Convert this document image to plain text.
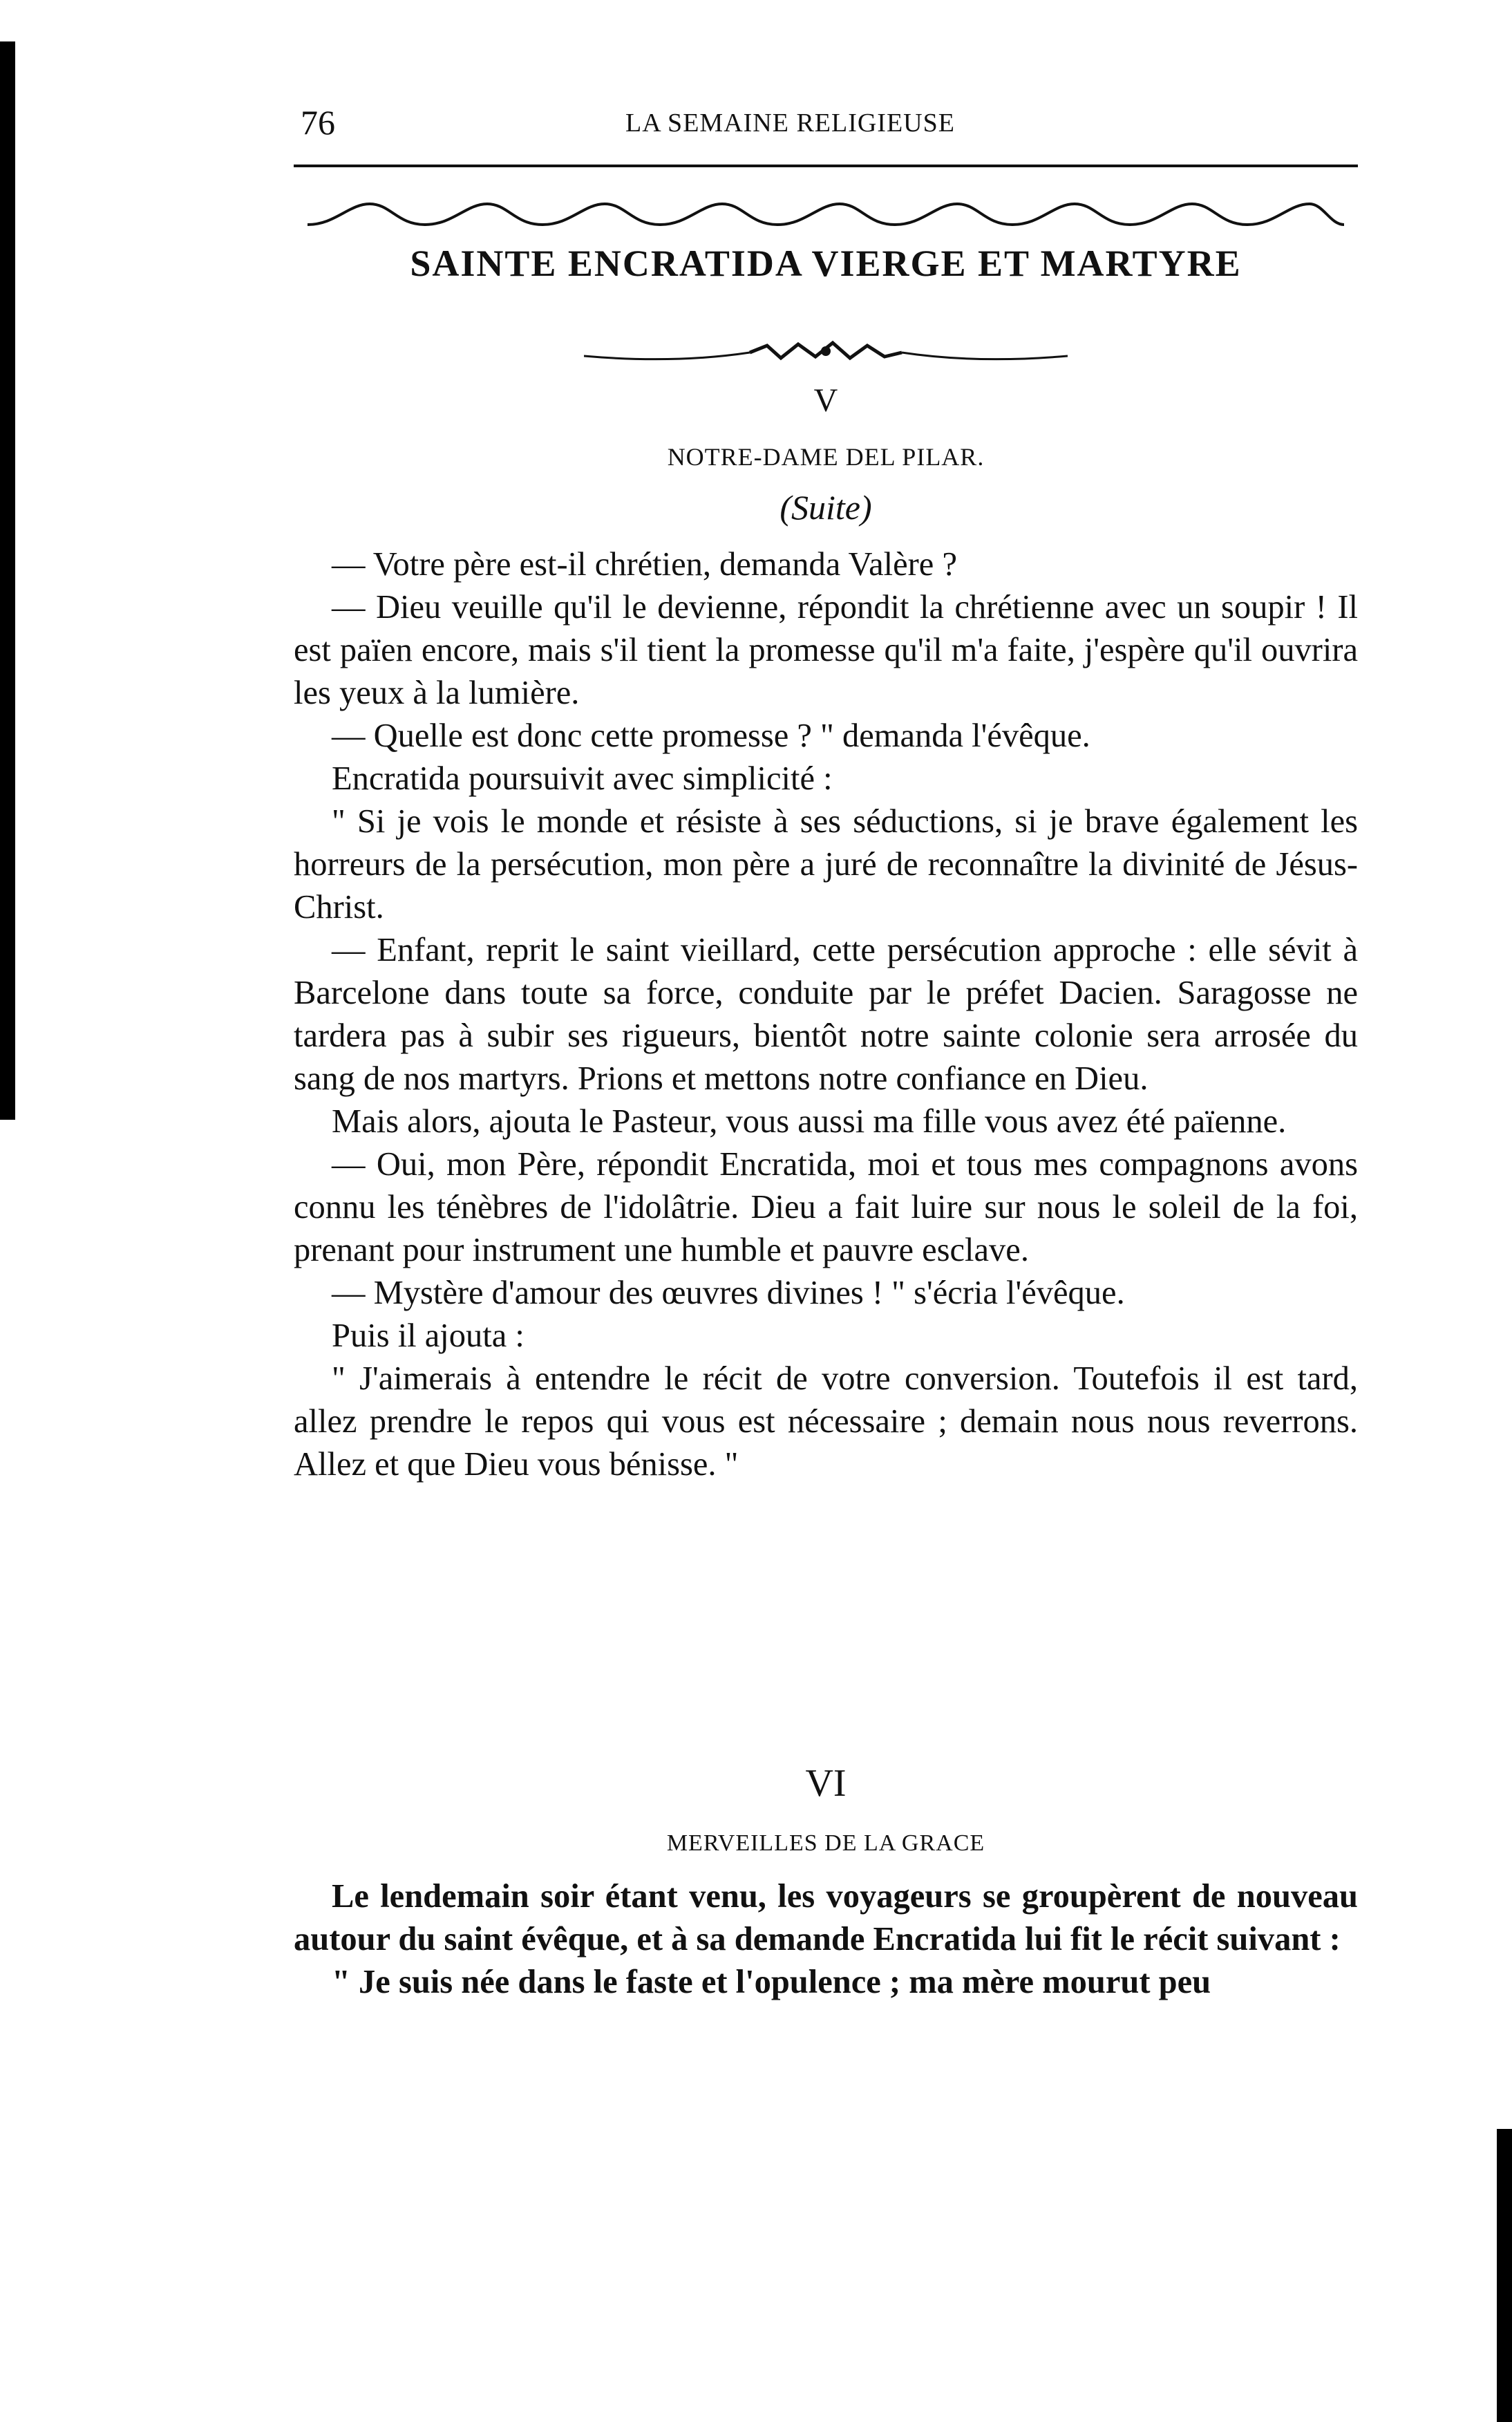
76	LA SEMAINE RELIGIEUSE
SAINTE ENCRATIDA VIERGE ET MARTYRE
V
NOTRE-DAME DEL PILAR.
(Suite)

— Votre père est-il chrétien, demanda Valère ?

— Dieu veuille qu'il le devienne, répondit la chrétienne avec un soupir ! Il est païen encore, mais s'il tient la promesse qu'il m'a faite, j'espère qu'il ouvrira les yeux à la lumière.

— Quelle est donc cette promesse ? " demanda l'évêque.

Encratida poursuivit avec simplicité :

" Si je vois le monde et résiste à ses séductions, si je brave également les horreurs de la persécution, mon père a juré de reconnaître la divinité de Jésus-Christ.

— Enfant, reprit le saint vieillard, cette persécution approche : elle sévit à Barcelone dans toute sa force, conduite par le préfet Dacien. Saragosse ne tardera pas à subir ses rigueurs, bientôt notre sainte colonie sera arrosée du sang de nos martyrs. Prions et mettons notre confiance en Dieu.

Mais alors, ajouta le Pasteur, vous aussi ma fille vous avez été païenne.

— Oui, mon Père, répondit Encratida, moi et tous mes compagnons avons connu les ténèbres de l'idolâtrie. Dieu a fait luire sur nous le soleil de la foi, prenant pour instrument une humble et pauvre esclave.

— Mystère d'amour des œuvres divines ! " s'écria l'évêque.

Puis il ajouta :

" J'aimerais à entendre le récit de votre conversion. Toutefois il est tard, allez prendre le repos qui vous est nécessaire ; demain nous nous reverrons. Allez et que Dieu vous bénisse. "

VI
MERVEILLES DE LA GRACE

Le lendemain soir étant venu, les voyageurs se groupèrent de nouveau autour du saint évêque, et à sa demande Encratida lui fit le récit suivant :

" Je suis née dans le faste et l'opulence ; ma mère mourut peu
